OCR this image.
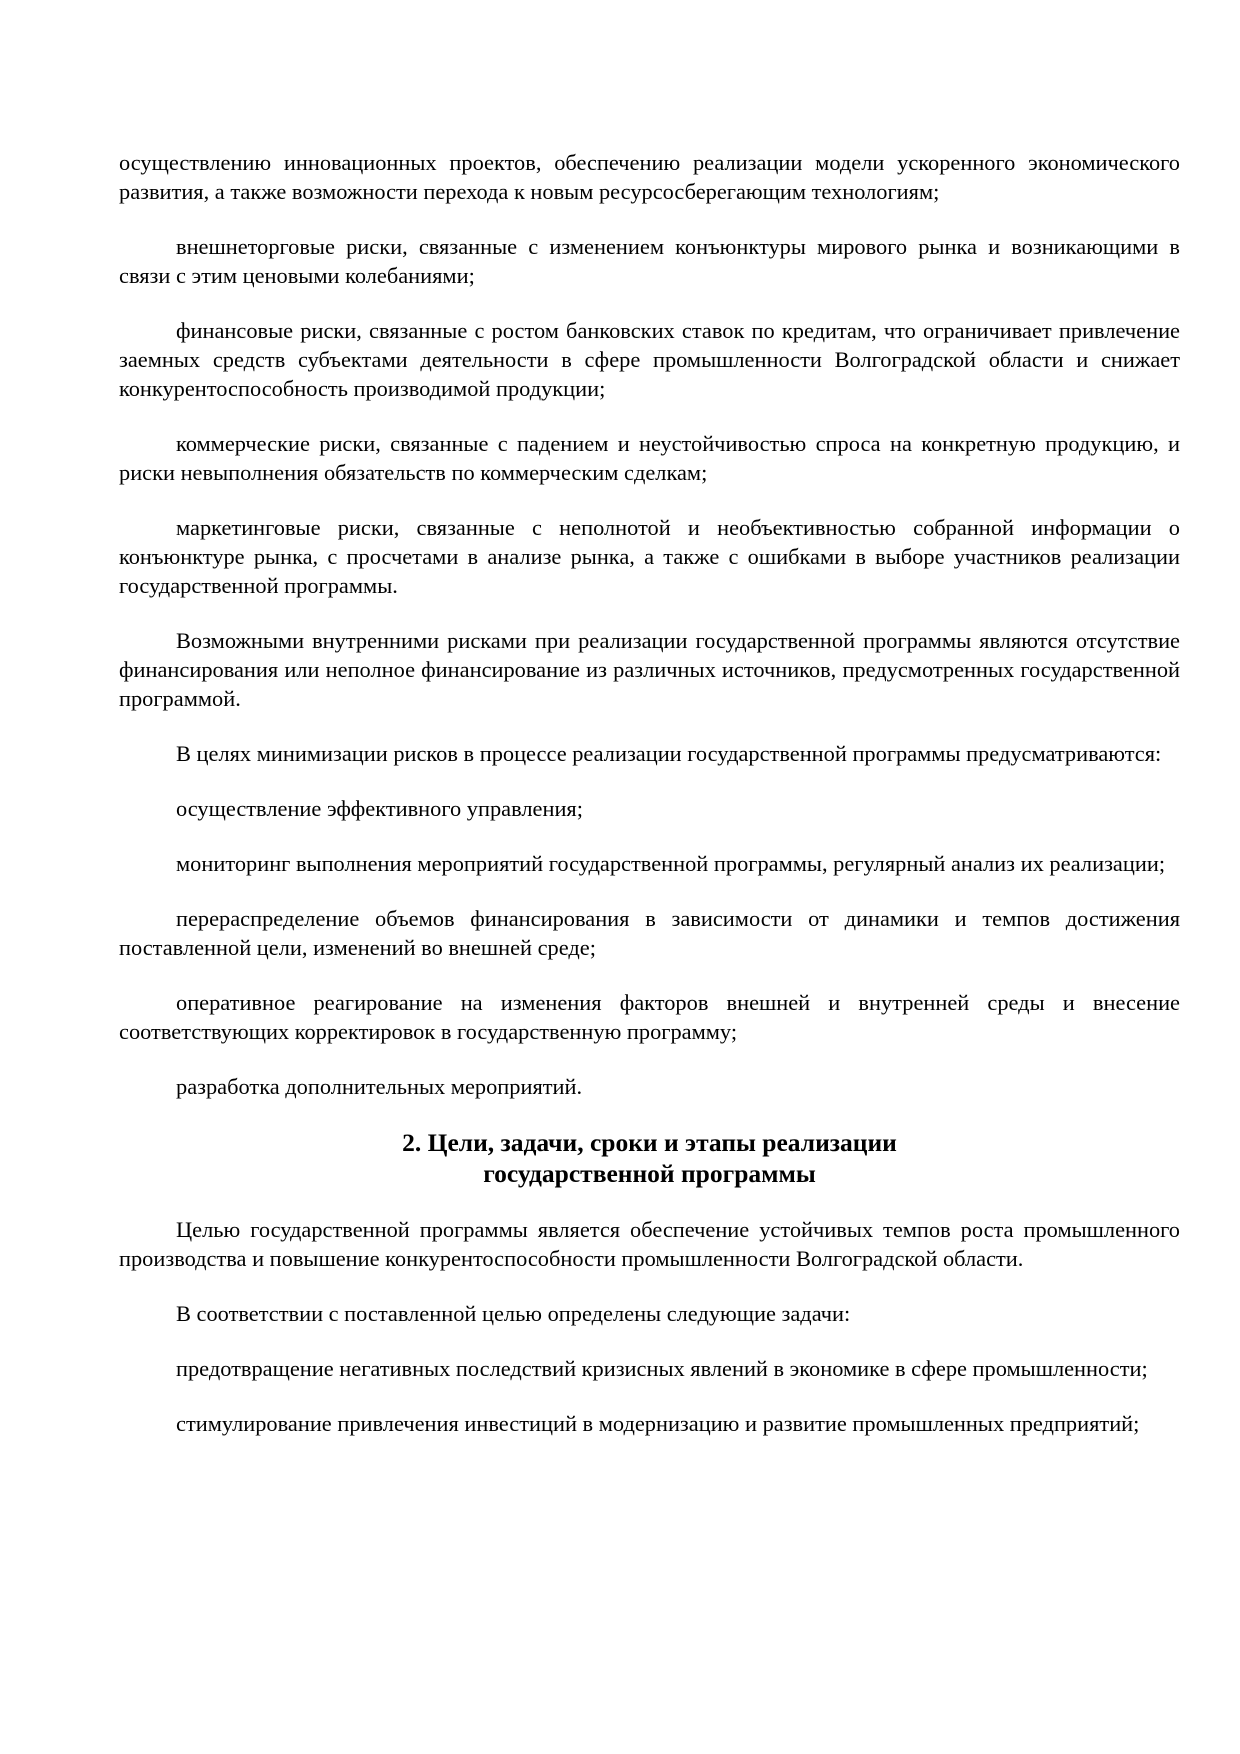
осуществлению инновационных проектов, обеспечению реализации модели ускоренного экономического развития, а также возможности перехода к новым ресурсосберегающим технологиям;

внешнеторговые риски, связанные с изменением конъюнктуры мирового рынка и возникающими в связи с этим ценовыми колебаниями;

финансовые риски, связанные с ростом банковских ставок по кредитам, что ограничивает привлечение заемных средств субъектами деятельности в сфере промышленности Волгоградской области и снижает конкурентоспособность производимой продукции;

коммерческие риски, связанные с падением и неустойчивостью спроса на конкретную продукцию, и риски невыполнения обязательств по коммерческим сделкам;

маркетинговые риски, связанные с неполнотой и необъективностью собранной информации о конъюнктуре рынка, с просчетами в анализе рынка, а также с ошибками в выборе участников реализации государственной программы.

Возможными внутренними рисками при реализации государственной программы являются отсутствие финансирования или неполное финансирование из различных источников, предусмотренных государственной программой.

В целях минимизации рисков в процессе реализации государственной программы предусматриваются:

осуществление эффективного управления;

мониторинг выполнения мероприятий государственной программы, регулярный анализ их реализации;

перераспределение объемов финансирования в зависимости от динамики и темпов достижения поставленной цели, изменений во внешней среде;

оперативное реагирование на изменения факторов внешней и внутренней среды и внесение соответствующих корректировок в государственную программу;

разработка дополнительных мероприятий.

2. Цели, задачи, сроки и этапы реализации
государственной программы

Целью государственной программы является обеспечение устойчивых темпов роста промышленного производства и повышение конкурентоспособности промышленности Волгоградской области.

В соответствии с поставленной целью определены следующие задачи:

предотвращение негативных последствий кризисных явлений в экономике в сфере промышленности;

стимулирование привлечения инвестиций в модернизацию и развитие промышленных предприятий;
